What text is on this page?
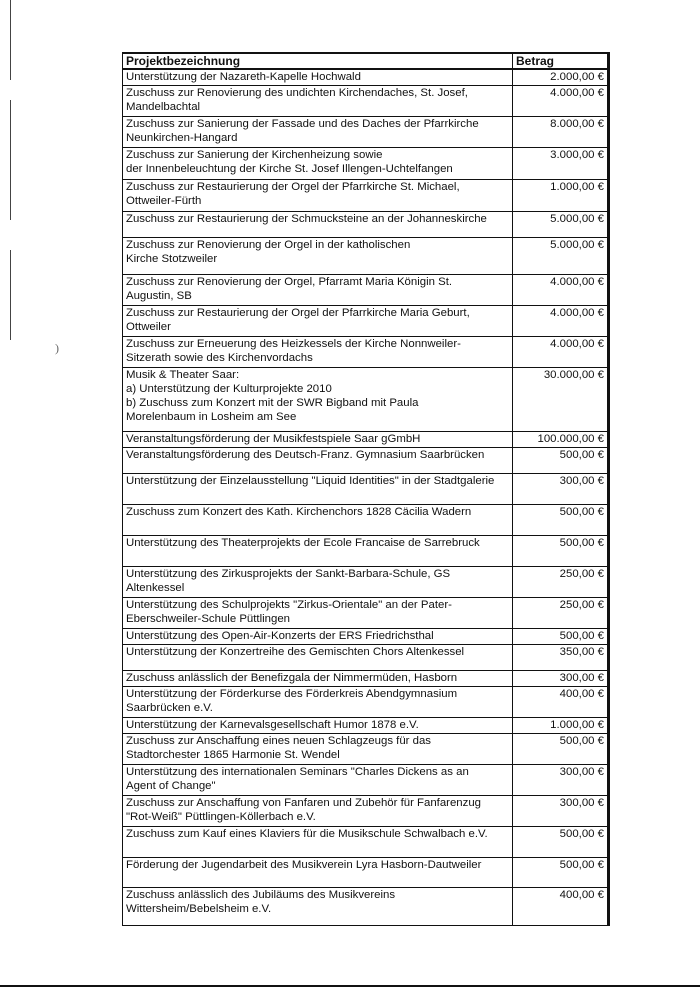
)
Projektbezeichnung	Betrag
Unterstützung der Nazareth-Kapelle Hochwald	2.000,00 €
Zuschuss zur Renovierung des undichten Kirchendaches, St. Josef,
Mandelbachtal	4.000,00 €
Zuschuss zur Sanierung der Fassade und des Daches der Pfarrkirche
Neunkirchen-Hangard	8.000,00 €
Zuschuss zur Sanierung der Kirchenheizung sowie
der Innenbeleuchtung der Kirche St. Josef Illengen-Uchtelfangen	3.000,00 €
Zuschuss zur Restaurierung der Orgel der Pfarrkirche St. Michael,
Ottweiler-Fürth	1.000,00 €
Zuschuss zur Restaurierung der Schmucksteine an der Johanneskirche	5.000,00 €
Zuschuss zur Renovierung der Orgel in der katholischen
Kirche Stotzweiler	5.000,00 €
Zuschuss zur Renovierung der Orgel, Pfarramt Maria Königin St.
Augustin, SB	4.000,00 €
Zuschuss zur Restaurierung der Orgel der Pfarrkirche Maria Geburt,
Ottweiler	4.000,00 €
Zuschuss zur Erneuerung des Heizkessels der Kirche Nonnweiler-
Sitzerath sowie des Kirchenvordachs	4.000,00 €
Musik & Theater Saar:
a) Unterstützung der Kulturprojekte 2010
b) Zuschuss zum Konzert mit der SWR Bigband mit Paula
Morelenbaum in Losheim am See	30.000,00 €
Veranstaltungsförderung der Musikfestspiele Saar gGmbH	100.000,00 €
Veranstaltungsförderung des Deutsch-Franz. Gymnasium Saarbrücken	500,00 €
Unterstützung der Einzelausstellung "Liquid Identities" in der Stadtgalerie	300,00 €
Zuschuss zum Konzert des Kath. Kirchenchors 1828 Cäcilia Wadern	500,00 €
Unterstützung des Theaterprojekts der Ecole Francaise de Sarrebruck	500,00 €
Unterstützung des Zirkusprojekts der Sankt-Barbara-Schule, GS
Altenkessel	250,00 €
Unterstützung des Schulprojekts "Zirkus-Orientale" an der Pater-
Eberschweiler-Schule Püttlingen	250,00 €
Unterstützung des Open-Air-Konzerts der ERS Friedrichsthal	500,00 €
Unterstützung der Konzertreihe des Gemischten Chors Altenkessel	350,00 €
Zuschuss anlässlich der Benefizgala der Nimmermüden, Hasborn	300,00 €
Unterstützung der Förderkurse des Förderkreis Abendgymnasium
Saarbrücken e.V.	400,00 €
Unterstützung der Karnevalsgesellschaft Humor 1878 e.V.	1.000,00 €
Zuschuss zur Anschaffung eines neuen Schlagzeugs für das
Stadtorchester 1865 Harmonie St. Wendel	500,00 €
Unterstützung des internationalen Seminars "Charles Dickens as an
Agent of Change"	300,00 €
Zuschuss zur Anschaffung von Fanfaren und Zubehör für Fanfarenzug
"Rot-Weiß" Püttlingen-Köllerbach e.V.	300,00 €
Zuschuss zum Kauf eines Klaviers für die Musikschule Schwalbach e.V.	500,00 €
Förderung der Jugendarbeit des Musikverein Lyra Hasborn-Dautweiler	500,00 €
Zuschuss anlässlich des Jubiläums des Musikvereins
Wittersheim/Bebelsheim e.V.	400,00 €
